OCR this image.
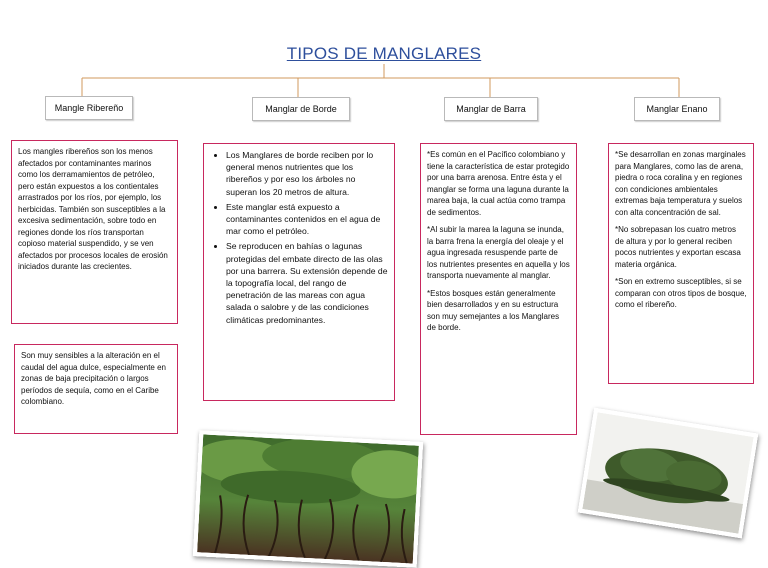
TIPOS DE MANGLARES
Mangle Ribereño	Manglar de Borde	Manglar de Barra	Manglar Enano

Los mangles ribereños son los menos afectados por contaminantes marinos como los derramamientos de petróleo, pero están expuestos a los contientales arrastrados por los ríos, por ejemplo, los herbicidas. También son susceptibles a la excesiva sedimentación, sobre todo en regiones donde los ríos transportan copioso material suspendido, y se ven afectados por procesos locales de erosión iniciados durante las crecientes.

Son muy sensibles a la alteración en el caudal del agua dulce, especialmente en zonas de baja precipitación o largos períodos de sequía, como en el Caribe colombiano.

• Los Manglares de borde reciben por lo general menos nutrientes que los ribereños y por eso los árboles no superan los 20 metros de altura.
• Este manglar está expuesto a contaminantes contenidos en el agua de mar como el petróleo.
• Se reproducen en bahías o lagunas protegidas del embate directo de las olas por una barrera. Su extensión depende de la topografía local, del rango de penetración de las mareas con agua salada o salobre y de las condiciones climáticas predominantes.

*Es común en el Pacífico colombiano y tiene la característica de estar protegido por una barra arenosa. Entre ésta y el manglar se forma una laguna durante la marea baja, la cual actúa como trampa de sedimentos.

*Al subir la marea la laguna se inunda, la barra frena la energía del oleaje y el agua ingresada resuspende parte de los nutrientes presentes en aquella y los transporta nuevamente al manglar.

*Estos bosques están generalmente bien desarrollados y en su estructura son muy semejantes a los Manglares de borde.

*Se desarrollan en zonas marginales para Manglares, como las de arena, piedra o roca coralina y en regiones con condiciones ambientales extremas baja temperatura y suelos con alta concentración de sal.

*No sobrepasan los cuatro metros de altura y por lo general reciben pocos nutrientes y exportan escasa materia orgánica.

*Son en extremo susceptibles, si se comparan con otros tipos de bosque, como el ribereño.
